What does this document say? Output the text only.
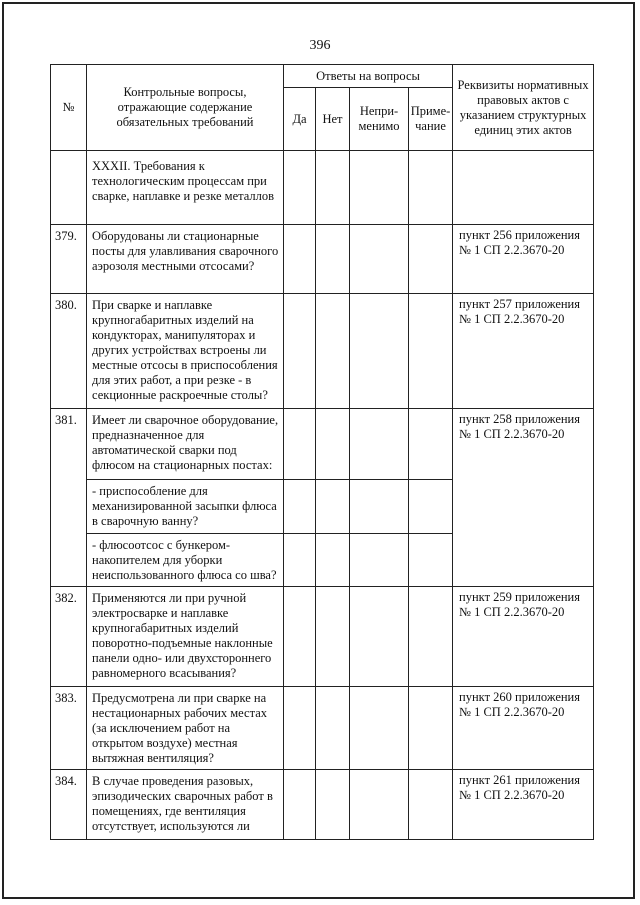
396
№	Контрольные вопросы, отражающие содержание обязательных требований	Ответы на вопросы				Реквизиты нормативных правовых актов с указанием структурных единиц этих актов
		Да	Нет	Непри-менимо	Приме-чание	
	XXXII. Требования к технологическим процессам при сварке, наплавке и резке металлов					
379.	Оборудованы ли стационарные посты для улавливания сварочного аэрозоля местными отсосами?					пункт 256 приложения № 1 СП 2.2.3670-20
380.	При сварке и наплавке крупногабаритных изделий на кондукторах, манипуляторах и других устройствах встроены ли местные отсосы в приспособления для этих работ, а при резке - в секционные раскроечные столы?					пункт 257 приложения № 1 СП 2.2.3670-20
381.	Имеет ли сварочное оборудование, предназначенное для автоматической сварки под флюсом на стационарных постах:					пункт 258 приложения № 1 СП 2.2.3670-20
	- приспособление для механизированной засыпки флюса в сварочную ванну?					
	- флюсоотсос с бункером-накопителем для уборки неиспользованного флюса со шва?					
382.	Применяются ли при ручной электросварке и наплавке крупногабаритных изделий поворотно-подъемные наклонные панели одно- или двухстороннего равномерного всасывания?					пункт 259 приложения № 1 СП 2.2.3670-20
383.	Предусмотрена ли при сварке на нестационарных рабочих местах (за исключением работ на открытом воздухе) местная вытяжная вентиляция?					пункт 260 приложения № 1 СП 2.2.3670-20
384.	В случае проведения разовых, эпизодических сварочных работ в помещениях, где вентиляция отсутствует, используются ли					пункт 261 приложения № 1 СП 2.2.3670-20
